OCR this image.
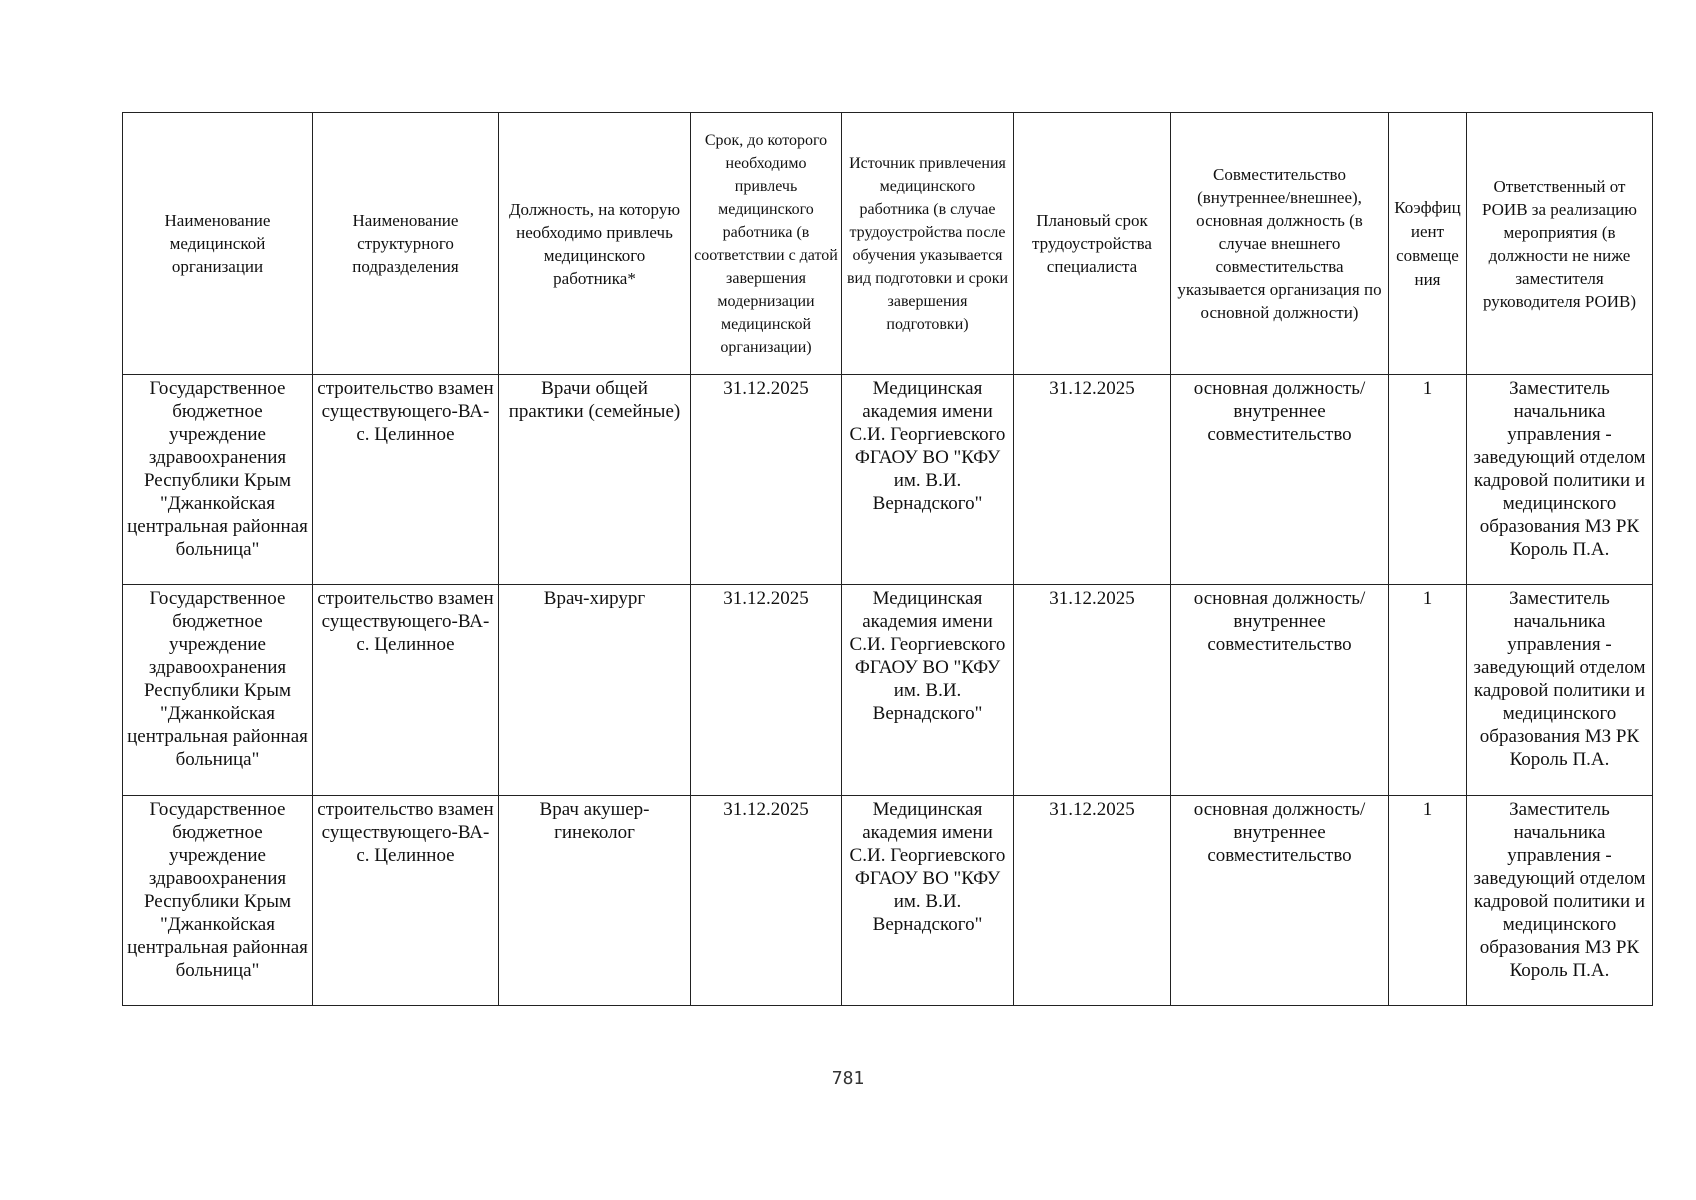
Наименование медицинской организации	Наименование структурного подразделения	Должность, на которую необходимо привлечь медицинского работника*	Срок, до которого необходимо привлечь медицинского работника (в соответствии с датой завершения модернизации медицинской организации)	Источник привлечения медицинского работника (в случае трудоустройства после обучения указывается вид подготовки и сроки завершения подготовки)	Плановый срок трудоустройства специалиста	Совместительство (внутреннее/внешнее), основная должность (в случае внешнего совместительства указывается организация по основной должности)	Коэффициент совмещения	Ответственный от РОИВ за реализацию мероприятия (в должности не ниже заместителя руководителя РОИВ)
Государственное бюджетное учреждение здравоохранения Республики Крым "Джанкойская центральная районная больница"	строительство взамен существующего-ВА-с. Целинное	Врачи общей практики (семейные)	31.12.2025	Медицинская академия имени С.И. Георгиевского ФГАОУ ВО "КФУ им. В.И. Вернадского"	31.12.2025	основная должность/ внутреннее совместительство	1	Заместитель начальника управления - заведующий отделом кадровой политики и медицинского образования МЗ РК Король П.А.
Государственное бюджетное учреждение здравоохранения Республики Крым "Джанкойская центральная районная больница"	строительство взамен существующего-ВА-с. Целинное	Врач-хирург	31.12.2025	Медицинская академия имени С.И. Георгиевского ФГАОУ ВО "КФУ им. В.И. Вернадского"	31.12.2025	основная должность/ внутреннее совместительство	1	Заместитель начальника управления - заведующий отделом кадровой политики и медицинского образования МЗ РК Король П.А.
Государственное бюджетное учреждение здравоохранения Республики Крым "Джанкойская центральная районная больница"	строительство взамен существующего-ВА-с. Целинное	Врач акушер-гинеколог	31.12.2025	Медицинская академия имени С.И. Георгиевского ФГАОУ ВО "КФУ им. В.И. Вернадского"	31.12.2025	основная должность/ внутреннее совместительство	1	Заместитель начальника управления - заведующий отделом кадровой политики и медицинского образования МЗ РК Король П.А.
781
